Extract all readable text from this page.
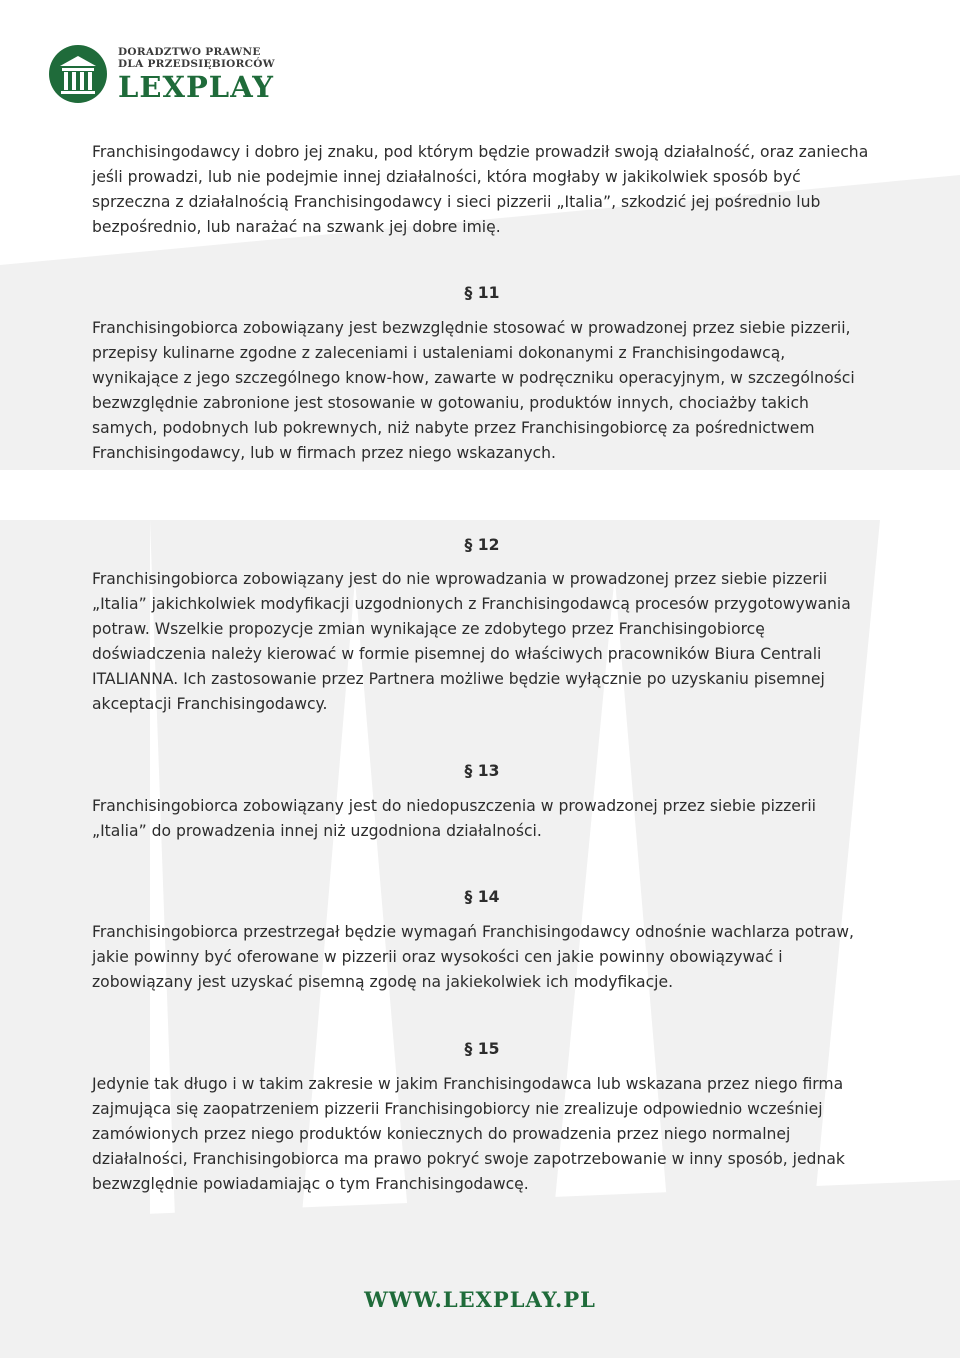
DORADZTWO PRAWNE
DLA PRZEDSIĘBIORCÓW
LEXPLAY

Franchisingodawcy i dobro jej znaku, pod którym będzie prowadził swoją działalność, oraz zaniecha jeśli prowadzi, lub nie podejmie innej działalności, która mogłaby w jakikolwiek sposób być sprzeczna z działalnością Franchisingodawcy i sieci pizzerii „Italia”, szkodzić jej pośrednio lub bezpośrednio, lub narażać na szwank jej dobre imię.

§ 11

Franchisingobiorca zobowiązany jest bezwzględnie stosować w prowadzonej przez siebie pizzerii, przepisy kulinarne zgodne z zaleceniami i ustaleniami dokonanymi z Franchisingodawcą, wynikające z jego szczególnego know-how, zawarte w podręczniku operacyjnym, w szczególności bezwzględnie zabronione jest stosowanie w gotowaniu, produktów innych, chociażby takich samych, podobnych lub pokrewnych, niż nabyte przez Franchisingobiorcę za pośrednictwem Franchisingodawcy, lub w firmach przez niego wskazanych.

§ 12

Franchisingobiorca zobowiązany jest do nie wprowadzania w prowadzonej przez siebie pizzerii „Italia” jakichkolwiek modyfikacji uzgodnionych z Franchisingodawcą procesów przygotowywania potraw. Wszelkie propozycje zmian wynikające ze zdobytego przez Franchisingobiorcę doświadczenia należy kierować w formie pisemnej do właściwych pracowników Biura Centrali ITALIANNA. Ich zastosowanie przez Partnera możliwe będzie wyłącznie po uzyskaniu pisemnej akceptacji Franchisingodawcy.

§ 13

Franchisingobiorca zobowiązany jest do niedopuszczenia w prowadzonej przez siebie pizzerii „Italia” do prowadzenia innej niż uzgodniona działalności.

§ 14

Franchisingobiorca przestrzegał będzie wymagań Franchisingodawcy odnośnie wachlarza potraw, jakie powinny być oferowane w pizzerii oraz wysokości cen jakie powinny obowiązywać i zobowiązany jest uzyskać pisemną zgodę na jakiekolwiek ich modyfikacje.

§ 15

Jedynie tak długo i w takim zakresie w jakim Franchisingodawca lub wskazana przez niego firma zajmująca się zaopatrzeniem pizzerii Franchisingobiorcy nie zrealizuje odpowiednio wcześniej zamówionych przez niego produktów koniecznych do prowadzenia przez niego normalnej działalności, Franchisingobiorca ma prawo pokryć swoje zapotrzebowanie w inny sposób, jednak bezwzględnie powiadamiając o tym Franchisingodawcę.

WWW.LEXPLAY.PL
